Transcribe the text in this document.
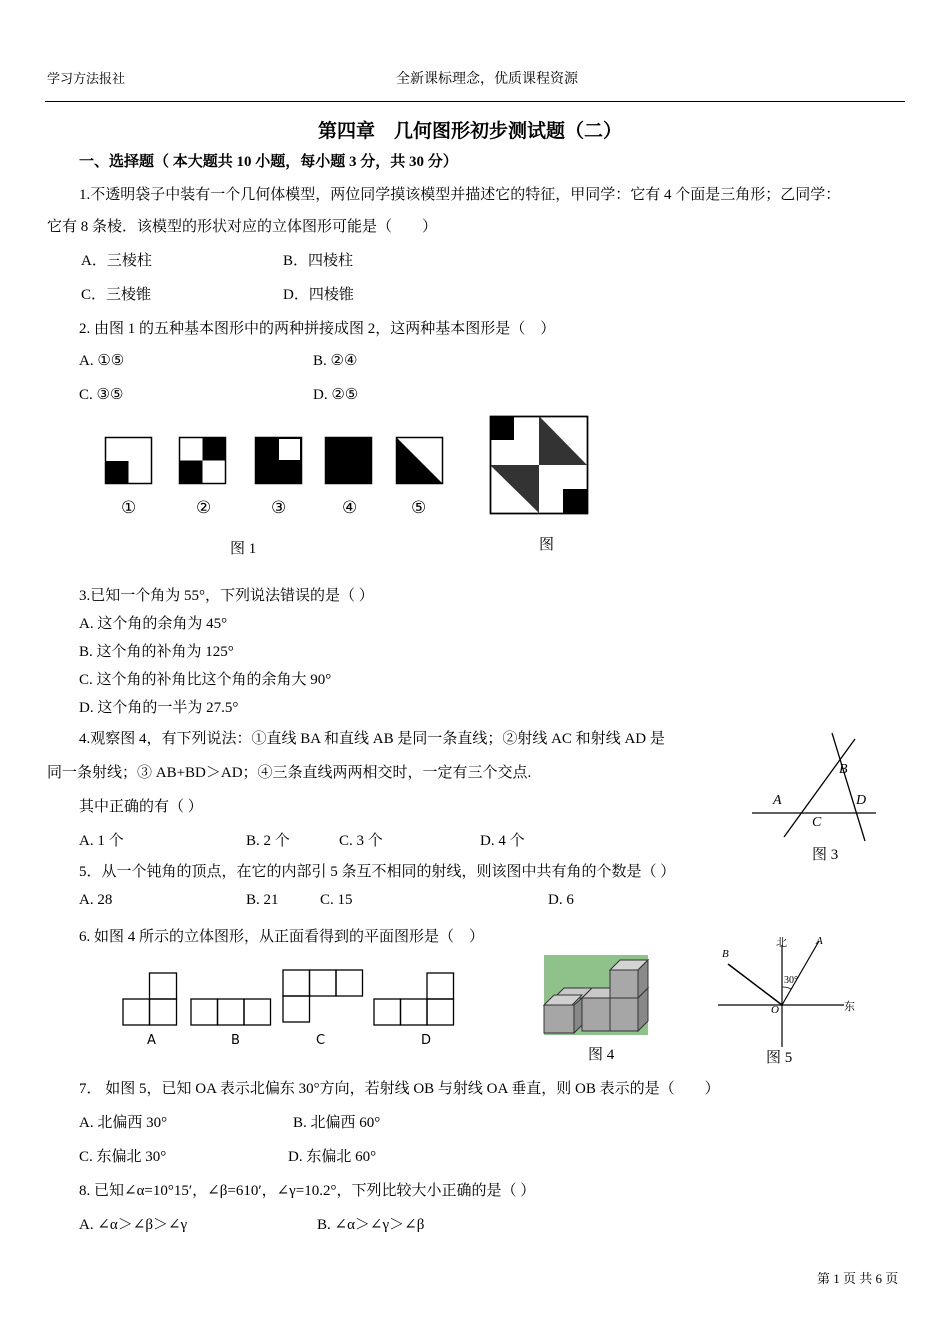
学习方法报社	全新课标理念，优质课程资源
第四章　几何图形初步测试题（二）
一、选择题（ 本大题共 10 小题，每小题 3 分，共 30 分）
1.不透明袋子中装有一个几何体模型，两位同学摸该模型并描述它的特征，甲同学：它有 4 个面是三角形；乙同学：
它有 8 条棱．该模型的形状对应的立体图形可能是（　　）
A．三棱柱	B．四棱柱
C．三棱锥	D．四棱锥
2. 由图 1 的五种基本图形中的两种拼接成图 2，这两种基本图形是（　）
A. ①⑤	B. ②④
C. ③⑤	D. ②⑤
①	②	③	④	⑤
图 1	图
3.已知一个角为 55°，下列说法错误的是（ ）
A. 这个角的余角为 45°
B. 这个角的补角为 125°
C. 这个角的补角比这个角的余角大 90°
D. 这个角的一半为 27.5°
4.观察图 4，有下列说法：①直线 BA 和直线 AB 是同一条直线；②射线 AC 和射线 AD 是
同一条射线；③ AB+BD＞AD；④三条直线两两相交时，一定有三个交点.
其中正确的有（ ）
A. 1 个	B. 2 个	C. 3 个	D. 4 个
A
B
C
D
图 3
5．从一个钝角的顶点，在它的内部引 5 条互不相同的射线，则该图中共有角的个数是（ ）
A. 28	B. 21	C. 15	D. 6
6. 如图 4 所示的立体图形，从正面看得到的平面图形是（　）
A	B	C	D
图 4
北
东
30°
A
B
O
图 5
7． 如图 5，已知 OA 表示北偏东 30°方向，若射线 OB 与射线 OA 垂直，则 OB 表示的是（　　）
A. 北偏西 30°	B. 北偏西 60°
C. 东偏北 30°	D. 东偏北 60°
8. 已知∠α=10°15′，∠β=610′，∠γ=10.2°，下列比较大小正确的是（ ）
A. ∠α＞∠β＞∠γ	B. ∠α＞∠γ＞∠β
第 1 页 共 6 页
